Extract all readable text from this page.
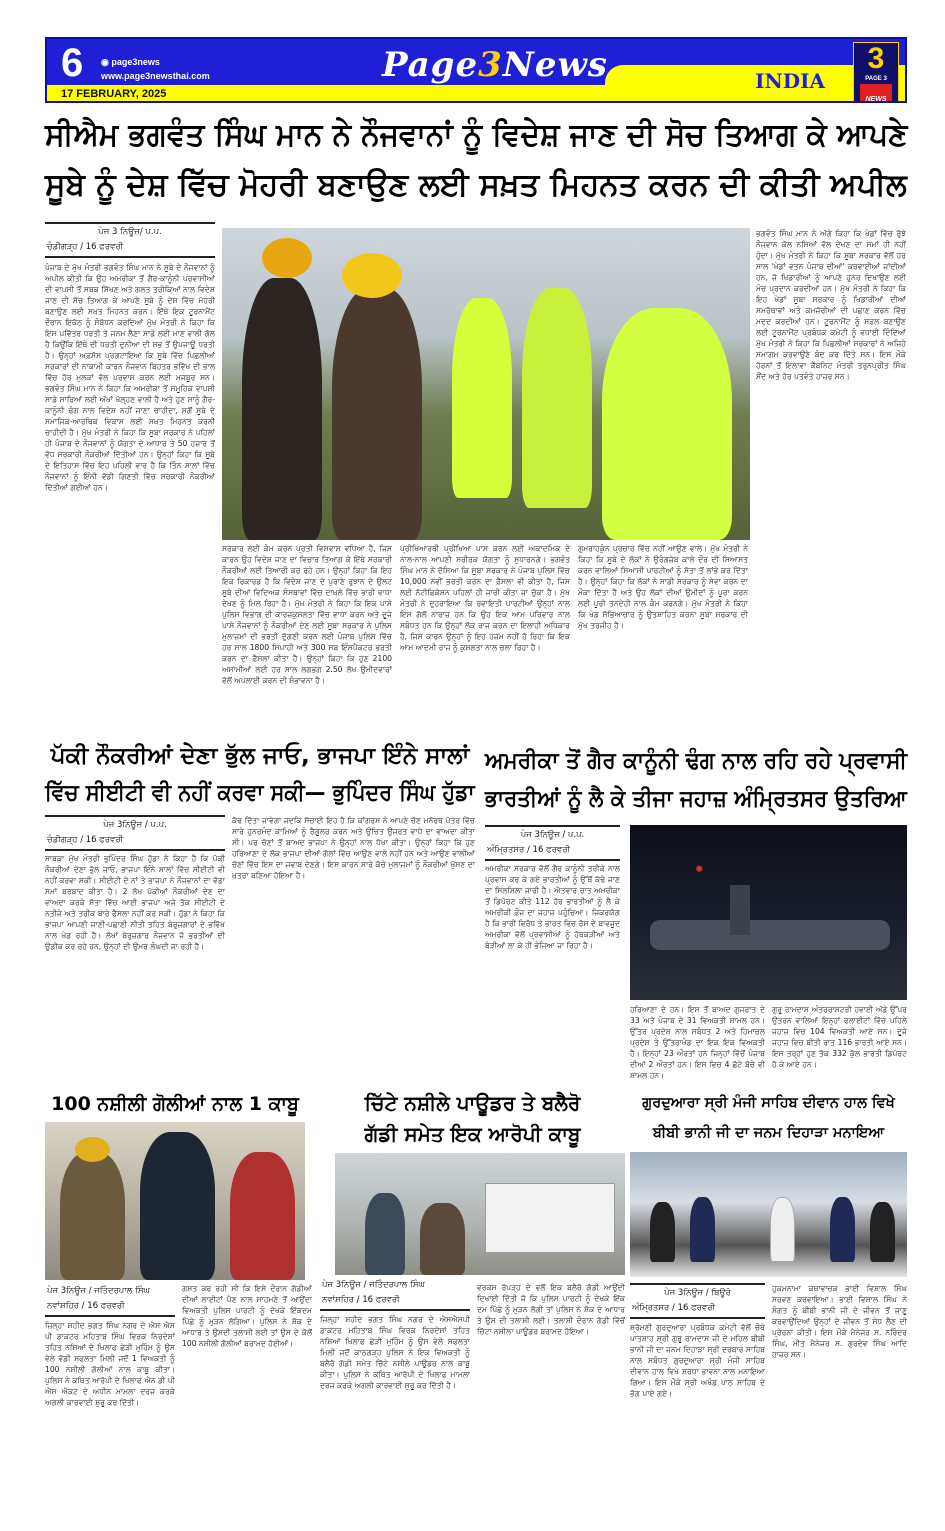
6 ◉ page3news
www.page3newsthai.com
17 FEBRUARY, 2025
Page3News	INDIA
3
PAGE 3
NEWS
ਸੀਐਮ ਭਗਵੰਤ ਸਿੰਘ ਮਾਨ ਨੇ ਨੌਜਵਾਨਾਂ ਨੂੰ ਵਿਦੇਸ਼ ਜਾਣ ਦੀ ਸੋਚ ਤਿਆਗ ਕੇ ਆਪਣੇ
ਸੂਬੇ ਨੂੰ ਦੇਸ਼ ਵਿੱਚ ਮੋਹਰੀ ਬਣਾਉਣ ਲਈ ਸਖ਼ਤ ਮਿਹਨਤ ਕਰਨ ਦੀ ਕੀਤੀ ਅਪੀਲ
ਪੇਜ 3 ਨਿਊਜ਼/ ਪ.ਪ.
ਚੰਡੀਗੜ੍ਹ / 16 ਫਰਵਰੀ
ਪੰਜਾਬ ਦੇ ਮੁੱਖ ਮੰਤਰੀ ਭਗਵੰਤ ਸਿੰਘ ਮਾਨ ਨੇ ਸੂਬੇ ਦੇ ਨੌਜਵਾਨਾਂ ਨੂੰ ਅਪੀਲ ਕੀਤੀ ਕਿ ਉਹ ਅਮਰੀਕਾ ਤੋਂ ਗੈਰ-ਕਾਨੂੰਨੀ ਪਰਵਾਸੀਆਂ ਦੀ ਵਾਪਸੀ ਤੋਂ ਸਬਕ ਸਿੱਖਣ ਅਤੇ ਗਲਤ ਤਰੀਕਿਆਂ ਨਾਲ ਵਿਦੇਸ਼ ਜਾਣ ਦੀ ਸੋਚ ਤਿਆਗ ਕੇ ਆਪਣੇ ਸੂਬੇ ਨੂੰ ਦੇਸ਼ ਵਿੱਚ ਮੋਹਰੀ ਬਣਾਉਣ ਲਈ ਸਖ਼ਤ ਮਿਹਨਤ ਕਰਨ। ਇੱਥੇ ਇਕ ਟੂਰਨਾਮੈਂਟ ਦੌਰਾਨ ਇਕੱਠ ਨੂੰ ਸੰਬੋਧਨ ਕਰਦਿਆਂ ਮੁੱਖ ਮੰਤਰੀ ਨੇ ਕਿਹਾ ਕਿ ਇਸ ਪਵਿੱਤਰ ਧਰਤੀ ਤੇ ਜਨਮ ਲੈਣਾ ਸਾਡੇ ਲਈ ਮਾਣ ਵਾਲੀ ਗੱਲ ਹੈ ਕਿਉਂਕਿ ਇੱਥੇ ਦੀ ਧਰਤੀ ਦੁਨੀਆ ਦੀ ਸਭ ਤੋਂ ਉਪਜਾਊ ਧਰਤੀ ਹੈ। ਉਨ੍ਹਾਂ ਅਫ਼ਸੋਸ ਪ੍ਰਗਟਾਇਆ ਕਿ ਸੂਬੇ ਵਿੱਚ ਪਿਛਲੀਆਂ ਸਰਕਾਰਾਂ ਦੀ ਨਾਕਾਮੀ ਕਾਰਨ ਨੌਜਵਾਨ ਬਿਹਤਰ ਭਵਿੱਖ ਦੀ ਭਾਲ ਵਿੱਚ ਹੋਰ ਮੁਲਕਾਂ ਵੱਲ ਪਰਵਾਸ ਕਰਨ ਲਈ ਮਜਬੂਰ ਸਨ। ਭਗਵੰਤ ਸਿੰਘ ਮਾਨ ਨੇ ਕਿਹਾ ਕਿ ਅਮਰੀਕਾ ਤੋਂ ਸਮੂਹਿਕ ਵਾਪਸੀ ਸਾਡੇ ਸਾਰਿਆਂ ਲਈ ਅੱਖਾਂ ਖੋਲ੍ਹਣ ਵਾਲੀ ਹੈ ਅਤੇ ਹੁਣ ਸਾਨੂੰ ਗੈਰ-ਕਾਨੂੰਨੀ ਢੰਗ ਨਾਲ ਵਿਦੇਸ਼ ਨਹੀਂ ਜਾਣਾ ਚਾਹੀਦਾ, ਸਗੋਂ ਸੂਬੇ ਦੇ ਸਮਾਜਿਕ-ਆਰਥਿਕ ਵਿਕਾਸ ਲਈ ਸਖ਼ਤ ਮਿਹਨਤ ਕਰਨੀ ਚਾਹੀਦੀ ਹੈ। ਮੁੱਖ ਮੰਤਰੀ ਨੇ ਕਿਹਾ ਕਿ ਸੂਬਾ ਸਰਕਾਰ ਨੇ ਪਹਿਲਾਂ ਹੀ ਪੰਜਾਬ ਦੇ ਨੌਜਵਾਨਾਂ ਨੂੰ ਯੋਗਤਾ ਦੇ ਆਧਾਰ ਤੇ 50 ਹਜ਼ਾਰ ਤੋਂ ਵੱਧ ਸਰਕਾਰੀ ਨੌਕਰੀਆਂ ਦਿੱਤੀਆਂ ਹਨ। ਉਨ੍ਹਾਂ ਕਿਹਾ ਕਿ ਸੂਬੇ ਦੇ ਇਤਿਹਾਸ ਵਿੱਚ ਇਹ ਪਹਿਲੀ ਵਾਰ ਹੈ ਕਿ ਤਿੰਨ ਸਾਲਾਂ ਵਿੱਚ ਨੌਜਵਾਨਾਂ ਨੂੰ ਇੰਨੀ ਵੱਡੀ ਗਿਣਤੀ ਵਿੱਚ ਸਰਕਾਰੀ ਨੌਕਰੀਆਂ ਦਿੱਤੀਆਂ ਗਈਆਂ ਹਨ।
ਸਰਕਾਰ ਲਈ ਕੰਮ ਕਰਨ ਪ੍ਰਤੀ ਵਿਸ਼ਵਾਸ ਵਧਿਆ ਹੈ, ਜਿਸ ਕਾਰਨ ਉਹ ਵਿਦੇਸ਼ ਜਾਣ ਦਾ ਵਿਚਾਰ ਤਿਆਗ ਕੇ ਇੱਥੇ ਸਰਕਾਰੀ ਨੌਕਰੀਆਂ ਲਈ ਤਿਆਰੀ ਕਰ ਰਹੇ ਹਨ। ਉਨ੍ਹਾਂ ਕਿਹਾ ਕਿ ਇਹ ਇਕ ਰਿਕਾਰਡ ਹੈ ਕਿ ਵਿਦੇਸ਼ ਜਾਣ ਦੇ ਪੁਰਾਣੇ ਰੁਝਾਨ ਦੇ ਉਲਟ ਸੂਬੇ ਦੀਆਂ ਵਿਦਿਅਕ ਸੰਸਥਾਵਾਂ ਵਿੱਚ ਦਾਖ਼ਲੇ ਵਿੱਚ ਭਾਰੀ ਵਾਧਾ ਦੇਖਣ ਨੂੰ ਮਿਲ ਰਿਹਾ ਹੈ। ਮੁੱਖ ਮੰਤਰੀ ਨੇ ਕਿਹਾ ਕਿ ਇਕ ਪਾਸੇ ਪੁਲਿਸ ਵਿਭਾਗ ਦੀ ਕਾਰਜਕੁਸ਼ਲਤਾ ਵਿੱਚ ਵਾਧਾ ਕਰਨ ਅਤੇ ਦੂਜੇ ਪਾਸੇ ਨੌਜਵਾਨਾਂ ਨੂੰ ਨੌਕਰੀਆਂ ਦੇਣ ਲਈ ਸੂਬਾ ਸਰਕਾਰ ਨੇ ਪੁਲਿਸ ਮੁਲਾਜ਼ਮਾਂ ਦੀ ਭਰਤੀ ਦੁੱਗਣੀ ਕਰਨ ਲਈ ਪੰਜਾਬ ਪੁਲਿਸ ਵਿੱਚ ਹਰ ਸਾਲ 1800 ਸਿਪਾਹੀ ਅਤੇ 300 ਸਬ ਇੰਸਪੈਕਟਰ ਭਰਤੀ ਕਰਨ ਦਾ ਫ਼ੈਸਲਾ ਕੀਤਾ ਹੈ। ਉਨ੍ਹਾਂ ਕਿਹਾ ਕਿ ਹੁਣ 2100 ਅਸਾਮੀਆਂ ਲਈ ਹਰ ਸਾਲ ਲਗਭਗ 2.50 ਲੱਖ ਉਮੀਦਵਾਰਾਂ ਵੱਲੋਂ ਅਪਲਾਈ ਕਰਨ ਦੀ ਸੰਭਾਵਨਾ ਹੈ।
ਪ੍ਰੀਖਿਆਰਥੀ ਪ੍ਰੀਖਿਆ ਪਾਸ ਕਰਨ ਲਈ ਅਕਾਦਮਿਕ ਦੇ ਨਾਲ-ਨਾਲ ਆਪਣੀ ਸਰੀਰਕ ਯੋਗਤਾ ਨੂੰ ਸੁਧਾਰਨਗੇ। ਭਗਵੰਤ ਸਿੰਘ ਮਾਨ ਨੇ ਦੱਸਿਆ ਕਿ ਸੂਬਾ ਸਰਕਾਰ ਨੇ ਪੰਜਾਬ ਪੁਲਿਸ ਵਿੱਚ 10,000 ਨਵੀਂ ਭਰਤੀ ਕਰਨ ਦਾ ਫ਼ੈਸਲਾ ਵੀ ਕੀਤਾ ਹੈ, ਜਿਸ ਲਈ ਨੋਟੀਫਿਕੇਸ਼ਨ ਪਹਿਲਾਂ ਹੀ ਜਾਰੀ ਕੀਤਾ ਜਾ ਚੁੱਕਾ ਹੈ। ਮੁੱਖ ਮੰਤਰੀ ਨੇ ਦੁਹਰਾਇਆ ਕਿ ਰਵਾਇਤੀ ਪਾਰਟੀਆਂ ਉਨ੍ਹਾਂ ਨਾਲ ਇਸ ਗੱਲੋਂ ਨਾਰਾਜ਼ ਹਨ ਕਿ ਉਹ ਇਕ ਆਮ ਪਰਿਵਾਰ ਨਾਲ ਸਬੰਧਤ ਹਨ ਕਿ ਉਨ੍ਹਾਂ ਲੋਕ ਰਾਜ ਕਰਨ ਦਾ ਇਲਾਹੀ ਅਧਿਕਾਰ ਹੈ, ਜਿਸ ਕਾਰਨ ਉਨ੍ਹਾਂ ਨੂੰ ਇਹ ਹਜ਼ਮ ਨਹੀਂ ਹੋ ਰਿਹਾ ਕਿ ਇਕ ਆਮ ਆਦਮੀ ਰਾਜ ਨੂੰ ਕੁਸ਼ਲਤਾ ਨਾਲ ਚਲਾ ਰਿਹਾ ਹੈ।
ਗੁਮਰਾਹਕੁੰਨ ਪ੍ਰਚਾਰ ਵਿੱਚ ਨਹੀਂ ਆਉਣ ਵਾਲੇ। ਮੁੱਖ ਮੰਤਰੀ ਨੇ ਕਿਹਾ ਕਿ ਸੂਬੇ ਦੇ ਲੋਕਾਂ ਨੇ ਉਰੰਗਜ਼ੇਬ ਕਾਲੇ ਦੌਰ ਦੀ ਸਿਆਸਤ ਕਰਨ ਵਾਲਿਆਂ ਸਿਆਸੀ ਪਾਰਟੀਆਂ ਨੂੰ ਸੱਤਾ ਤੋਂ ਲਾਂਭੇ ਕਰ ਦਿੱਤਾ ਹੈ। ਉਨ੍ਹਾਂ ਕਿਹਾ ਕਿ ਲੋਕਾਂ ਨੇ ਸਾਡੀ ਸਰਕਾਰ ਨੂੰ ਸੇਵਾ ਕਰਨ ਦਾ ਮੌਕਾ ਦਿੱਤਾ ਹੈ ਅਤੇ ਉਹ ਲੋਕਾਂ ਦੀਆਂ ਉਮੀਦਾਂ ਨੂੰ ਪੂਰਾ ਕਰਨ ਲਈ ਪੂਰੀ ਤਨਦੇਹੀ ਨਾਲ ਕੰਮ ਕਰਨਗੇ। ਮੁੱਖ ਮੰਤਰੀ ਨੇ ਕਿਹਾ ਕਿ ਖੇਡ ਸੱਭਿਆਚਾਰ ਨੂੰ ਉਤਸ਼ਾਹਿਤ ਕਰਨਾ ਸੂਬਾ ਸਰਕਾਰ ਦੀ ਮੁੱਖ ਤਰਜੀਹ ਹੈ।
ਭਗਵੰਤ ਸਿੰਘ ਮਾਨ ਨੇ ਅੱਗੇ ਕਿਹਾ ਕਿ ਖੇਡਾਂ ਵਿੱਚ ਰੁੱਝੇ ਨੌਜਵਾਨ ਕੋਲ ਨਸ਼ਿਆਂ ਵੱਲ ਦੇਖਣ ਦਾ ਸਮਾਂ ਹੀ ਨਹੀਂ ਹੁੰਦਾ। ਮੁੱਖ ਮੰਤਰੀ ਨੇ ਕਿਹਾ ਕਿ ਸੂਬਾ ਸਰਕਾਰ ਵੱਲੋਂ ਹਰ ਸਾਲ 'ਖੇਡਾਂ ਵਤਨ ਪੰਜਾਬ ਦੀਆਂ' ਕਰਵਾਈਆਂ ਜਾਂਦੀਆਂ ਹਨ, ਜੋ ਖਿਡਾਰੀਆਂ ਨੂੰ ਆਪਣੇ ਹੁਨਰ ਦਿਖਾਉਣ ਲਈ ਮੰਚ ਪ੍ਰਦਾਨ ਕਰਦੀਆਂ ਹਨ। ਮੁੱਖ ਮੰਤਰੀ ਨੇ ਕਿਹਾ ਕਿ ਇਹ ਖੇਡਾਂ ਸੂਬਾ ਸਰਕਾਰ ਨੂੰ ਖਿਡਾਰੀਆਂ ਦੀਆਂ ਸਮਰੱਥਾਵਾਂ ਅਤੇ ਕਮਜ਼ੋਰੀਆਂ ਦੀ ਪਛਾਣ ਕਰਨ ਵਿੱਚ ਮਦਦ ਕਰਦੀਆਂ ਹਨ। ਟੂਰਨਾਮੈਂਟ ਨੂੰ ਸਫ਼ਲ ਬਣਾਉਣ ਲਈ ਟੂਰਨਾਮੈਂਟ ਪ੍ਰਬੰਧਕ ਕਮੇਟੀ ਨੂੰ ਵਧਾਈ ਦਿੰਦਿਆਂ ਮੁੱਖ ਮੰਤਰੀ ਨੇ ਕਿਹਾ ਕਿ ਪਿਛਲੀਆਂ ਸਰਕਾਰਾਂ ਨੇ ਅਜਿਹੇ ਸਮਾਗਮ ਕਰਵਾਉਣੇ ਬੰਦ ਕਰ ਦਿੱਤੇ ਸਨ। ਇਸ ਮੌਕੇ ਹੋਰਨਾਂ ਤੋਂ ਇਲਾਵਾ ਕੈਬਨਿਟ ਮੰਤਰੀ ਤਰੁਨਪ੍ਰੀਤ ਸਿੰਘ ਸੌਂਦ ਅਤੇ ਹੋਰ ਪਤਵੰਤੇ ਹਾਜ਼ਰ ਸਨ।
ਪੱਕੀ ਨੌਕਰੀਆਂ ਦੇਣਾ ਭੁੱਲ ਜਾਓ, ਭਾਜਪਾ ਇੰਨੇ ਸਾਲਾਂ
ਵਿੱਚ ਸੀਈਟੀ ਵੀ ਨਹੀਂ ਕਰਵਾ ਸਕੀ— ਭੁਪਿੰਦਰ ਸਿੰਘ ਹੁੱਡਾ
ਪੇਜ 3ਨਿਊਜ਼ / ਪ.ਪ.
ਚੰਡੀਗੜ੍ਹ / 16 ਫਰਵਰੀ
ਸਾਬਕਾ ਮੁੱਖ ਮੰਤਰੀ ਭੁਪਿੰਦਰ ਸਿੰਘ ਹੁੱਡਾ ਨੇ ਕਿਹਾ ਹੈ ਕਿ ਪੱਕੀ ਨੌਕਰੀਆਂ ਦੇਣਾ ਭੁੱਲ ਜਾਓ, ਭਾਜਪਾ ਇੰਨੇ ਸਾਲਾਂ ਵਿੱਚ ਸੀਈਟੀ ਵੀ ਨਹੀਂ ਕਰਵਾ ਸਕੀ। ਸੀਈਟੀ ਦੇ ਨਾਂ ਤੇ ਭਾਜਪਾ ਨੇ ਨੌਜਵਾਨਾਂ ਦਾ ਵੱਡਾ ਸਮਾਂ ਬਰਬਾਦ ਕੀਤਾ ਹੈ। 2 ਲੱਖ ਪੱਕੀਆਂ ਨੌਕਰੀਆਂ ਦੇਣ ਦਾ ਵਾਅਦਾ ਕਰਕੇ ਸੱਤਾ ਵਿੱਚ ਆਈ ਭਾਜਪਾ ਅਜੇ ਤੱਕ ਸੀਈਟੀ ਦੇ ਨਤੀਜੇ ਅਤੇ ਤਰੀਕ ਬਾਰੇ ਫੈਸਲਾ ਨਹੀਂ ਕਰ ਸਕੀ। ਹੁੱਡਾ ਨੇ ਕਿਹਾ ਕਿ ਭਾਜਪਾ ਆਪਣੀ ਜਾਣੀ-ਪਛਾਣੀ ਨੀਤੀ ਤਹਿਤ ਬੇਰੁਜ਼ਗਾਰਾਂ ਦੇ ਭਵਿੱਖ ਨਾਲ ਖੇਡ ਰਹੀ ਹੈ। ਲੱਖਾਂ ਬੇਰੁਜ਼ਗਾਰ ਨੌਜਵਾਨ ਜੋ ਭਰਤੀਆਂ ਦੀ ਉਡੀਕ ਕਰ ਰਹੇ ਹਨ, ਉਨ੍ਹਾਂ ਦੀ ਉਮਰ ਲੰਘਦੀ ਜਾ ਰਹੀ ਹੈ।
ਕੱਢ ਦਿੱਤਾ ਜਾਵੇਗਾ ਜਦਕਿ ਸੱਚਾਈ ਇਹ ਹੈ ਕਿ ਕਾਂਗਰਸ ਨੇ ਆਪਣੇ ਚੋਣ ਮਨੋਰਥ ਪੱਤਰ ਵਿੱਚ ਸਾਰੇ ਹੁਨਰਮੰਦ ਕਾਮਿਆਂ ਨੂੰ ਰੈਗੂਲਰ ਕਰਨ ਅਤੇ ਉਚਿਤ ਉਜਰਤ ਵਾਧੇ ਦਾ ਵਾਅਦਾ ਕੀਤਾ ਸੀ। ਪਰ ਚੋਣਾਂ ਤੋਂ ਬਾਅਦ ਭਾਜਪਾ ਨੇ ਉਨ੍ਹਾਂ ਨਾਲ ਧੋਖਾ ਕੀਤਾ। ਉਨ੍ਹਾਂ ਕਿਹਾ ਕਿ ਹੁਣ ਹਰਿਆਣਾ ਦੇ ਲੋਕ ਭਾਜਪਾ ਦੀਆਂ ਗੱਲਾਂ ਵਿੱਚ ਆਉਣ ਵਾਲੇ ਨਹੀਂ ਹਨ ਅਤੇ ਆਉਣ ਵਾਲੀਆਂ ਚੋਣਾਂ ਵਿੱਚ ਇਸ ਦਾ ਜਵਾਬ ਦੇਣਗੇ। ਇਸ ਕਾਰਨ ਸਾਰੇ ਕੱਚੇ ਮੁਲਾਜ਼ਮਾਂ ਨੂੰ ਨੌਕਰੀਆਂ ਖੁੱਸਣ ਦਾ ਖ਼ਤਰਾ ਬਣਿਆ ਹੋਇਆ ਹੈ।
ਅਮਰੀਕਾ ਤੋਂ ਗੈਰ ਕਾਨੂੰਨੀ ਢੰਗ ਨਾਲ ਰਹਿ ਰਹੇ ਪ੍ਰਵਾਸੀ
ਭਾਰਤੀਆਂ ਨੂੰ ਲੈ ਕੇ ਤੀਜਾ ਜਹਾਜ਼ ਅੰਮ੍ਰਿਤਸਰ ਉਤਰਿਆ
ਪੇਜ 3ਨਿਊਜ਼ / ਪ.ਪ.
ਅੰਮ੍ਰਿਤਸਰ / 16 ਫਰਵਰੀ
ਅਮਰੀਕਾ ਸਰਕਾਰ ਵੱਲੋਂ ਗੈਰ ਕਾਨੂੰਨੀ ਤਰੀਕੇ ਨਾਲ ਪ੍ਰਵਾਸ ਕਰ ਕੇ ਗਏ ਭਾਰਤੀਆਂ ਨੂੰ ਉੱਥੋਂ ਕੱਢੇ ਜਾਣ ਦਾ ਸਿਲਸਿਲਾ ਜਾਰੀ ਹੈ। ਐਤਵਾਰ ਰਾਤ ਅਮਰੀਕਾ ਤੋਂ ਡਿਪੋਰਟ ਕੀਤੇ 112 ਹੋਰ ਭਾਰਤੀਆਂ ਨੂੰ ਲੈ ਕੇ ਅਮਰੀਕੀ ਫ਼ੌਜ ਦਾ ਜਹਾਜ਼ ਪਹੁੰਚਿਆ। ਜਿਕਰਯੋਗ ਹੈ ਕਿ ਭਾਰੀ ਵਿਰੋਧ ਤੇ ਭਾਰਤ ਵਿਚ ਰੋਸ ਦੇ ਬਾਵਜੂਦ ਅਮਰੀਕਾ ਵੱਲੋਂ ਪ੍ਰਵਾਸੀਆਂ ਨੂੰ ਹੱਥਕੜੀਆਂ ਅਤੇ ਬੇੜੀਆਂ ਲਾ ਕੇ ਹੀ ਭੇਜਿਆ ਜਾ ਰਿਹਾ ਹੈ।
ਹਰਿਆਣਾ ਦੇ ਹਨ। ਇਸ ਤੋਂ ਬਾਅਦ ਗੁਜਰਾਤ ਦੇ 33 ਅਤੇ ਪੰਜਾਬ ਦੇ 31 ਵਿਅਕਤੀ ਸ਼ਾਮਲ ਹਨ। ਉੱਤਰ ਪ੍ਰਦੇਸ਼ ਨਾਲ ਸਬੰਧਤ 2 ਅਤੇ ਹਿਮਾਚਲ ਪ੍ਰਦੇਸ਼ ਤੇ ਉੱਤਰਾਖੰਡ ਦਾ ਇਕ ਇਕ ਵਿਅਕਤੀ ਹੈ। ਇਨ੍ਹਾਂ 23 ਔਰਤਾਂ ਹਨ ਜਿਨ੍ਹਾਂ ਵਿੱਚੋਂ ਪੰਜਾਬ ਦੀਆਂ 2 ਔਰਤਾਂ ਹਨ। ਇਸ ਵਿਚ 4 ਛੋਟੇ ਬੱਚੇ ਵੀ ਸ਼ਾਮਲ ਹਨ।
ਗੁਰੂ ਰਾਮਦਾਸ ਅੰਤਰਰਾਸ਼ਟਰੀ ਹਵਾਈ ਅੱਡੇ ਉੱਪਰ ਉਤਰਨ ਵਾਲਿਆਂ ਇਨ੍ਹਾਂ ਫਲਾਈਟਾਂ ਵਿੱਚ ਪਹਿਲੇ ਜਹਾਜ਼ ਵਿਚ 104 ਵਿਅਕਤੀ ਆਏ ਸਨ। ਦੂਜੇ ਜਹਾਜ਼ ਵਿਚ ਬੀਤੀ ਰਾਤ 116 ਭਾਰਤੀ ਆਏ ਸਨ। ਇਸ ਤਰ੍ਹਾਂ ਹੁਣ ਤੱਕ 332 ਕੁੱਲ ਭਾਰਤੀ ਡਿਪੋਰਟ ਹੋ ਕੇ ਆਏ ਹਨ।
100 ਨਸ਼ੀਲੀ ਗੋਲੀਆਂ ਨਾਲ 1 ਕਾਬੂ
ਪੇਜ 3ਨਿਊਜ਼ / ਜਤਿੰਦਰਪਾਲ ਸਿੰਘ
ਨਵਾਂਸ਼ਹਿਰ / 16 ਫਰਵਰੀ
ਜ਼ਿਲ੍ਹਾ ਸ਼ਹੀਦ ਭਗਤ ਸਿੰਘ ਨਗਰ ਦੇ ਐਸ ਐਸ ਪੀ ਡਾਕਟਰ ਮਹਿਤਾਬ ਸਿੰਘ ਵਿਰਕ ਨਿਰਦੇਸ਼ਾਂ ਤਹਿਤ ਨਸ਼ਿਆਂ ਦੇ ਖਿਲਾਫ ਛੇੜੀ ਮੁਹਿੰਮ ਨੂੰ ਉਸ ਵੇਲੇ ਵੱਡੀ ਸਫਲਤਾ ਮਿਲੀ ਜਦੋਂ 1 ਵਿਅਕਤੀ ਨੂੰ 100 ਨਸ਼ੀਲੀ ਗੋਲੀਆਂ ਨਾਲ ਕਾਬੂ ਕੀਤਾ। ਪੁਲਿਸ ਨੇ ਕਥਿਤ ਆਰੋਪੀ ਦੇ ਖਿਲਾਫ ਐਨ ਡੀ ਪੀ ਐਸ ਐਕਟ ਦੇ ਅਧੀਨ ਮਾਮਲਾ ਦਰਜ ਕਰਕੇ ਅਗਲੀ ਕਾਰਵਾਈ ਸ਼ੁਰੂ ਕਰ ਦਿੱਤੀ।
ਗਸ਼ਤ ਕਰ ਰਹੀ ਸੀ ਕਿ ਇਸੇ ਦੌਰਾਨ ਗੱਡੀਆਂ ਦੀਆਂ ਲਾਈਟਾਂ ਪੈਣ ਨਾਲ ਸਾਹਮਣੇ ਤੋਂ ਆਉਂਦਾ ਵਿਅਕਤੀ ਪੁਲਿਸ ਪਾਰਟੀ ਨੂੰ ਦੇਖਕੇ ਇੱਕਦਮ ਪਿੱਛੇ ਨੂੰ ਮੁੜਨ ਲੱਗਿਆ। ਪੁਲਿਸ ਨੇ ਸ਼ੱਕ ਦੇ ਆਧਾਰ ਤੇ ਉਸਦੀ ਤਲਾਸ਼ੀ ਲਈ ਤਾਂ ਉਸ ਦੇ ਕੋਲੋਂ 100 ਨਸ਼ੀਲੀ ਗੋਲੀਆਂ ਬਰਾਮਦ ਹੋਈਆਂ।
ਚਿੱਟੇ ਨਸ਼ੀਲੇ ਪਾਊਡਰ ਤੇ ਬਲੈਰੋ
ਗੱਡੀ ਸਮੇਤ ਇਕ ਆਰੋਪੀ ਕਾਬੂ
ਪੇਜ 3ਨਿਊਜ਼ / ਜਤਿੰਦਰਪਾਲ ਸਿੰਘ
ਨਵਾਂਸ਼ਹਿਰ / 16 ਫਰਵਰੀ
ਜ਼ਿਲ੍ਹਾ ਸ਼ਹੀਦ ਭਗਤ ਸਿੰਘ ਨਗਰ ਦੇ ਐਸਐਸਪੀ ਡਾਕਟਰ ਮਹਿਤਾਬ ਸਿੰਘ ਵਿਰਕ ਨਿਰਦੇਸ਼ਾਂ ਤਹਿਤ ਨਸ਼ਿਆਂ ਖਿਲਾਫ ਛੇੜੀ ਮੁਹਿੰਮ ਨੂੰ ਉਸ ਵੇਲੇ ਸਫਲਤਾ ਮਿਲੀ ਜਦੋਂ ਕਾਠਗੜ੍ਹ ਪੁਲਿਸ ਨੇ ਇਕ ਵਿਅਕਤੀ ਨੂੰ ਬਲੈਰੋ ਗੱਡੀ ਸਮੇਤ ਚਿੱਟੇ ਨਸ਼ੀਲੇ ਪਾਊਡਰ ਨਾਲ ਕਾਬੂ ਕੀਤਾ। ਪੁਲਿਸ ਨੇ ਕਥਿਤ ਆਰੋਪੀ ਦੇ ਖਿਲਾਫ ਮਾਮਲਾ ਦਰਜ ਕਰਕੇ ਅਗਲੀ ਕਾਰਵਾਈ ਸ਼ੁਰੂ ਕਰ ਦਿੱਤੀ ਹੈ।
ਵਰਕਸ ਰੋਪੜ੍ਹ ਦੇ ਵਲੋਂ ਇਕ ਬਲੈਰੋ ਗੱਡੀ ਆਉਂਦੀ ਦਿਖਾਈ ਦਿੱਤੀ ਜੋ ਕਿ ਪੁਲਿਸ ਪਾਰਟੀ ਨੂੰ ਦੇਖਕੇ ਇੱਕ ਦਮ ਪਿੱਛੇ ਨੂੰ ਮੁੜਨ ਲੱਗੀ ਤਾਂ ਪੁਲਿਸ ਨੇ ਸ਼ੱਕ ਦੇ ਆਧਾਰ ਤੇ ਉਸ ਦੀ ਤਲਾਸ਼ੀ ਲਈ। ਤਲਾਸ਼ੀ ਦੌਰਾਨ ਗੱਡੀ ਵਿੱਚੋਂ ਚਿੱਟਾ ਨਸ਼ੀਲਾ ਪਾਊਡਰ ਬਰਾਮਦ ਹੋਇਆ।
ਗੁਰਦੁਆਰਾ ਸ੍ਰੀ ਮੰਜੀ ਸਾਹਿਬ ਦੀਵਾਨ ਹਾਲ ਵਿਖੇ
ਬੀਬੀ ਭਾਨੀ ਜੀ ਦਾ ਜਨਮ ਦਿਹਾੜਾ ਮਨਾਇਆ
ਪੇਜ 3ਨਿਊਜ਼ / ਬਿਊਰੋ
ਅੰਮ੍ਰਿਤਸਰ / 16 ਫਰਵਰੀ
ਸ਼੍ਰੋਮਣੀ ਗੁਰਦੁਆਰਾ ਪ੍ਰਬੰਧਕ ਕਮੇਟੀ ਵੱਲੋਂ ਚੌਥੇ ਪਾਤਸ਼ਾਹ ਸ੍ਰੀ ਗੁਰੂ ਰਾਮਦਾਸ ਜੀ ਦੇ ਮਹਿਲ ਬੀਬੀ ਭਾਨੀ ਜੀ ਦਾ ਜਨਮ ਦਿਹਾੜਾ ਸ੍ਰੀ ਦਰਬਾਰ ਸਾਹਿਬ ਨਾਲ ਸਬੰਧਤ ਗੁਰਦੁਆਰਾ ਸ੍ਰੀ ਮੰਜੀ ਸਾਹਿਬ ਦੀਵਾਨ ਹਾਲ ਵਿਖੇ ਸ਼ਰਧਾ ਭਾਵਨਾ ਨਾਲ ਮਨਾਇਆ ਗਿਆ। ਇਸ ਮੌਕੇ ਸ੍ਰੀ ਅਖੰਡ ਪਾਠ ਸਾਹਿਬ ਦੇ ਭੋਗ ਪਾਏ ਗਏ।
ਹੁਕਮਨਾਮਾ ਕਥਾਵਾਚਕ ਭਾਈ ਵਿਸ਼ਾਲ ਸਿੰਘ ਸਰਵਣ ਕਰਵਾਇਆ। ਭਾਈ ਵਿਸ਼ਾਲ ਸਿੰਘ ਨੇ ਸੰਗਤ ਨੂੰ ਬੀਬੀ ਭਾਨੀ ਜੀ ਦੇ ਜੀਵਨ ਤੋਂ ਜਾਣੂ ਕਰਵਾਉਂਦਿਆਂ ਉਨ੍ਹਾਂ ਦੇ ਜੀਵਨ ਤੋਂ ਸੇਧ ਲੈਣ ਦੀ ਪ੍ਰੇਰਨਾ ਕੀਤੀ। ਇਸ ਮੌਕੇ ਮੈਨੇਜਰ ਸ. ਨਰਿੰਦਰ ਸਿੰਘ, ਮੀਤ ਮੈਨੇਜਰ ਸ. ਗੁਰਦੇਵ ਸਿੰਘ ਆਦਿ ਹਾਜ਼ਰ ਸਨ।
